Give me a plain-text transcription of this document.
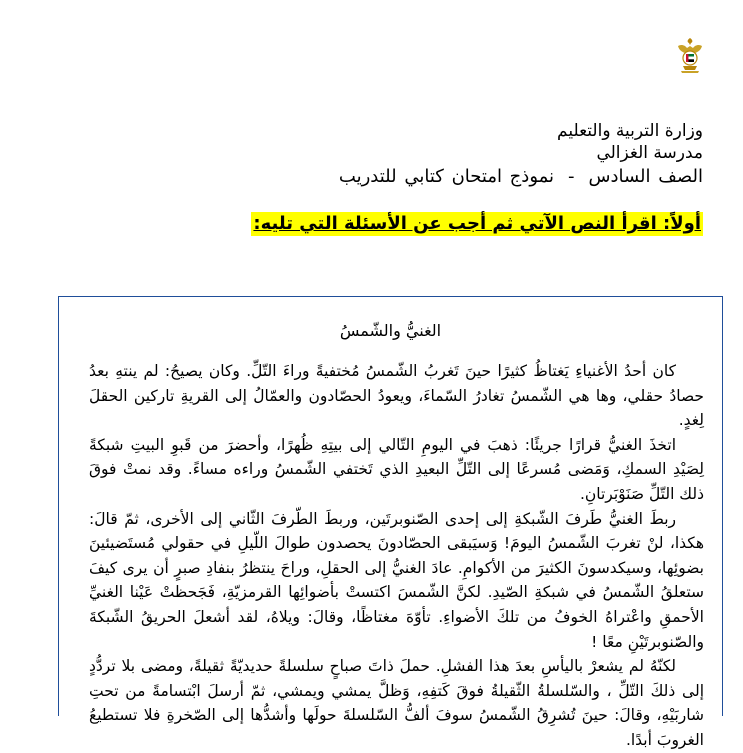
وزارة التربية والتعليم
مدرسة الغزالي
الصف السادس-نموذج امتحان كتابي للتدريب
أولاً: اقرأ النص الآتي ثم أجب عن الأسئلة التي تليه:
الغنيُّ والشّمسُ

كان أحدُ الأغنياءِ يَغتاظُ كثيرًا حينَ تَغربُ الشّمسُ مُختفيةً وراءَ التّلِّ. وكان يصيحُ: لم ينتهِ بعدُ حصادُ حقلي، وها هي الشّمسُ تغادرُ السّماءَ، ويعودُ الحصّادون والعمّالُ إلى القريةِ تاركين الحقلَ لِغدٍ.

اتخذَ الغنيُّ قرارًا جريئًا: ذهبَ في اليومِ التّالي إلى بيتِهِ ظُهرًا، وأحضرَ من قَبوِ البيتِ شبكةً لِصَيْدِ السمكِ، وَمَضى مُسرعًا إلى التّلِّ البعيدِ الذي تَختفي الشّمسُ وراءه مساءً. وقد نمتْ فوقَ ذلك التّلِّ صَنَوْبَرتانِ.

ربطَ الغنيُّ طَرفَ الشّبكةِ إلى إحدى الصّنوبرتَين، وربطَ الطّرفَ الثّاني إلى الأخرى، ثمّ قالَ: هكذا، لنْ تغربَ الشّمسُ اليومَ! وَسيَبقى الحصّادونَ يحصدون طوالَ اللّيلِ في حقولي مُستَضيئينَ بضوئِها، وسيكدسونَ الكثيرَ من الأكوامِ. عادَ الغنيُّ إلى الحقلِ، وراحَ ينتظرُ بنفادِ صبرٍ أن يرى كيفَ ستعلقُ الشّمسُ في شبكةِ الصّيدِ. لكنَّ الشّمسَ اكتستْ بأضوائِها القرمزيّةِ، فَجَحظتْ عَيْنا الغنيِّ الأحمقِ واعْتراهُ الخوفُ من تلكَ الأضواءِ. تأوّهَ مغتاظًا، وقالَ: ويلاهُ، لقد أشعلَ الحريقُ الشّبكةَ والصّنوبرتَيْنِ معًا !

لكنّهُ لم يشعرْ باليأسِ بعدَ هذا الفشلِ. حملَ ذاتَ صباحٍ سلسلةً حديديّةً ثقيلةً، ومضى بلا تردُّدٍ إلى ذلكَ التّلِّ ، والسّلسلةُ الثّقيلةُ فوقَ كَتفِهِ، وَظلَّ يمشي ويمشي، ثمّ أرسلَ ابْتسامةً من تحتِ شاربَيْهِ، وقالَ: حينَ تُشرِقُ الشّمسُ سوفَ ألفُّ السّلسلةَ حولَها وأشدُّها إلى الصّخرةِ فلا تستطيعُ الغروبَ أبدًا.
